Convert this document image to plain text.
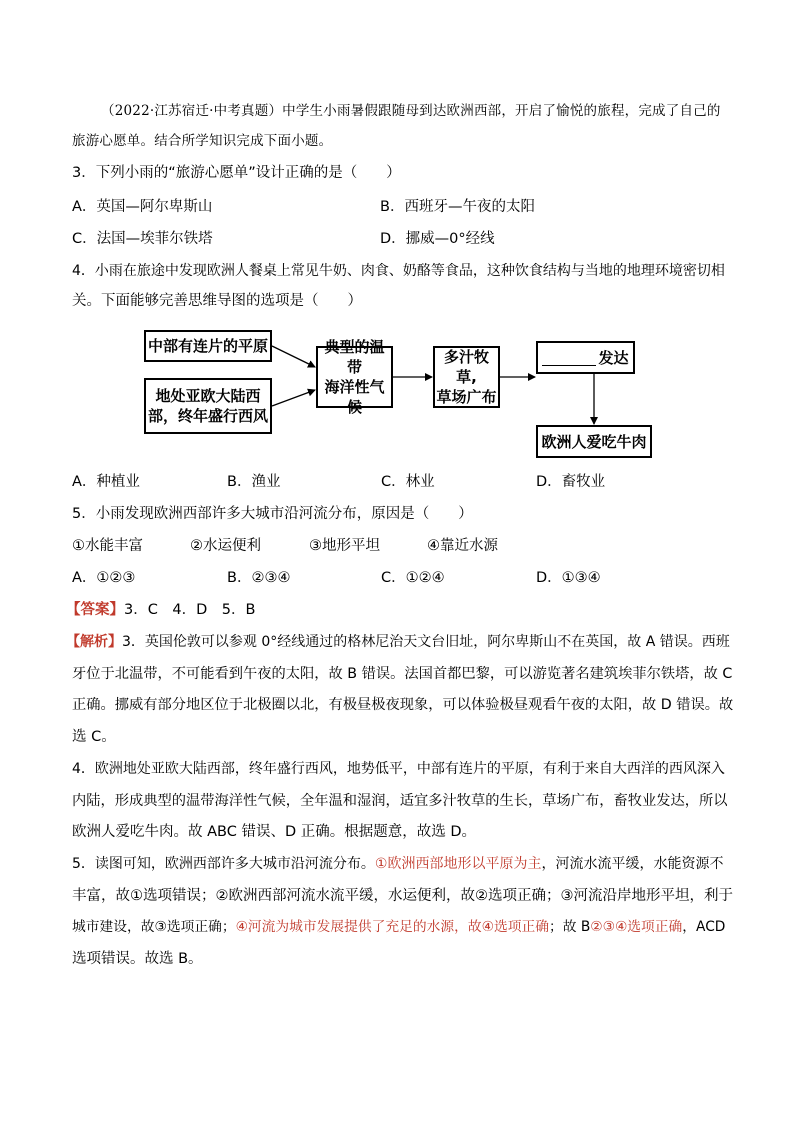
（2022·江苏宿迁·中考真题）中学生小雨暑假跟随母到达欧洲西部，开启了愉悦的旅程，完成了自己的
旅游心愿单。结合所学知识完成下面小题。
3．下列小雨的“旅游心愿单”设计正确的是（　　）
A．英国—阿尔卑斯山	B．西班牙—午夜的太阳
C．法国—埃菲尔铁塔	D．挪威—0°经线
4．小雨在旅途中发现欧洲人餐桌上常见牛奶、肉食、奶酪等食品，这种饮食结构与当地的地理环境密切相
关。下面能够完善思维导图的选项是（　　）
中部有连片的平原
地处亚欧大陆西
部，终年盛行西风
典型的温带
海洋性气候
多汁牧草,
草场广布
发达
欧洲人爱吃牛肉
A．种植业	B．渔业	C．林业	D．畜牧业
5．小雨发现欧洲西部许多大城市沿河流分布，原因是（　　）
①水能丰富	②水运便利	③地形平坦	④靠近水源
A．①②③	B．②③④	C．①②④	D．①③④
【答案】3．C　4．D　5．B
【解析】3．英国伦敦可以参观 0°经线通过的格林尼治天文台旧址，阿尔卑斯山不在英国，故 A 错误。西班
牙位于北温带，不可能看到午夜的太阳，故 B 错误。法国首都巴黎，可以游览著名建筑埃菲尔铁塔，故 C
正确。挪威有部分地区位于北极圈以北，有极昼极夜现象，可以体验极昼观看午夜的太阳，故 D 错误。故
选 C。
4．欧洲地处亚欧大陆西部，终年盛行西风，地势低平，中部有连片的平原，有利于来自大西洋的西风深入
内陆，形成典型的温带海洋性气候，全年温和湿润，适宜多汁牧草的生长，草场广布，畜牧业发达，所以
欧洲人爱吃牛肉。故 ABC 错误、D 正确。根据题意，故选 D。
5．读图可知，欧洲西部许多大城市沿河流分布。①欧洲西部地形以平原为主，河流水流平缓，水能资源不
丰富，故①选项错误；②欧洲西部河流水流平缓，水运便利，故②选项正确；③河流沿岸地形平坦，利于
城市建设，故③选项正确；④河流为城市发展提供了充足的水源，故④选项正确；故 B②③④选项正确，ACD
选项错误。故选 B。
